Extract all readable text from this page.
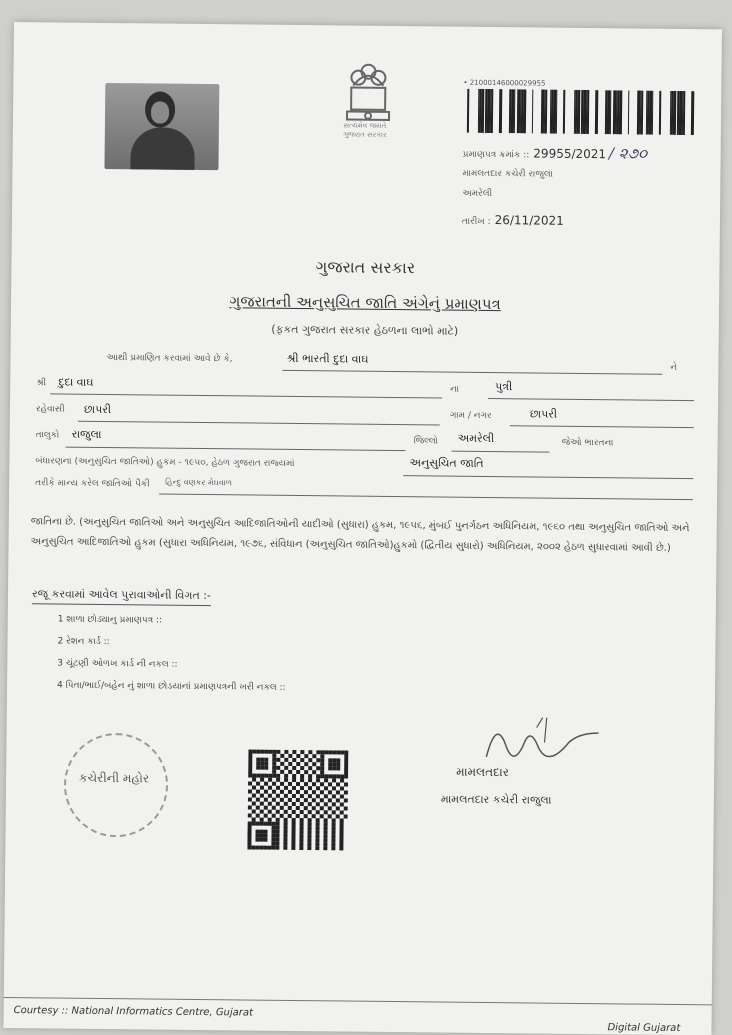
સત્યમેવ જયતે
ગુજરાત સરકાર
• 21000146000029955
પ્રમાણપત્ર ક્રમાંક :: 29955/2021 / ૨૭૦
મામલતદાર કચેરી રાજુલા
અમરેલી
તારીખ : 26/11/2021
ગુજરાત સરકાર
ગુજરાતની અનુસુચિત જાતિ અંગેનું પ્રમાણપત્ર
(ફકત ગુજરાત સરકાર હેઠળના લાભો માટે)
આથી પ્રમાણિત કરવામાં આવે છે કે,	શ્રી ભારતી દુદા વાઘ
ને
શ્રી દુદા વાઘ
ના	પુત્રી
રહેવાસી છાપરી	ગામ / નગર	છાપરી
તાલુકો રાજુલા
જિલ્લો અમરેલી	જેઓ ભારતના
બંધારણના (અનુસુચિત જાતિઓ) હુકમ - ૧૯૫૦, હેઠળ ગુજરાત રાજ્યમાં	અનુસુચિત જાતિ
તરીકે માન્ય કરેલ જાતિઓ પૈકી હિન્દુ વણકર મેઘવાળ
જાતિના છે. (અનુસુચિત જાતિઓ અને અનુસુચિત આદિજાતિઓની યાદીઓ (સુધારા) હુકમ, ૧૯૫૬, મુંબઈ પુનર્ગઠન અધિનિયમ, ૧૯૬૦ તથા અનુસુચિત જાતિઓ અને અનુસુચિત આદિજાતિઓ હુકમ (સુધારા અધિનિયમ, ૧૯૭૬, સંવિધાન (અનુસુચિત જાતિઓ)હુકમો (દ્વિતીય સુધારો) અધિનિયમ, ૨૦૦૨ હેઠળ સુધારવામાં આવી છે.)
રજૂ કરવામાં આવેલ પુરાવાઓની વિગત :-
1 શાળા છોડ્યાનુ પ્રમાણપત્ર ::
2 રેશન કાર્ડ ::
3 ચૂંટણી ઓળખ કાર્ડ ની નકલ ::
4 પિતા/ભાઈ/બહેન નું શાળા છોડયાનાં પ્રમાણપત્રની ખરી નકલ ::
કચેરીની મહોર	મામલતદાર
મામલતદાર કચેરી રાજુલા
Courtesy :: National Informatics Centre, Gujarat
Digital Gujarat
